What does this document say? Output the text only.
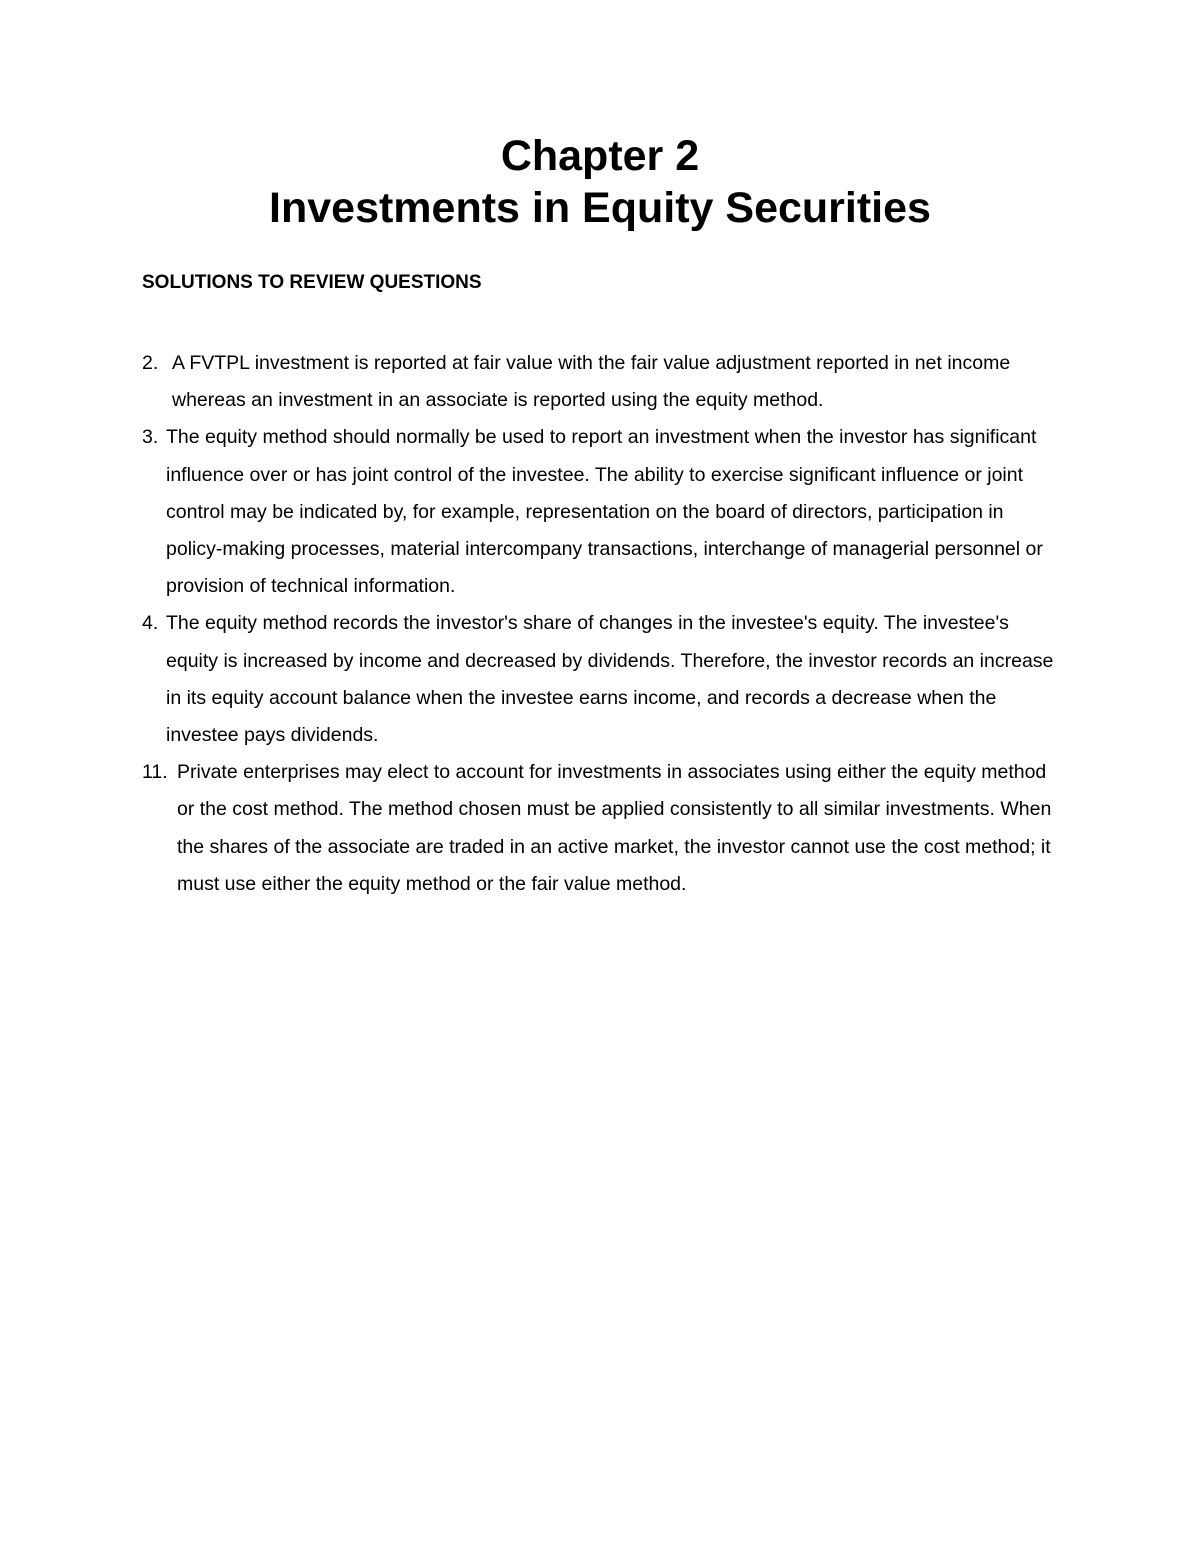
Chapter 2
Investments in Equity Securities
SOLUTIONS TO REVIEW QUESTIONS
2. A FVTPL investment is reported at fair value with the fair value adjustment reported in net income whereas an investment in an associate is reported using the equity method.
3. The equity method should normally be used to report an investment when the investor has significant influence over or has joint control of the investee. The ability to exercise significant influence or joint control may be indicated by, for example, representation on the board of directors, participation in policy-making processes, material intercompany transactions, interchange of managerial personnel or provision of technical information.
4. The equity method records the investor's share of changes in the investee's equity. The investee's equity is increased by income and decreased by dividends. Therefore, the investor records an increase in its equity account balance when the investee earns income, and records a decrease when the investee pays dividends.
11. Private enterprises may elect to account for investments in associates using either the equity method or the cost method. The method chosen must be applied consistently to all similar investments. When the shares of the associate are traded in an active market, the investor cannot use the cost method; it must use either the equity method or the fair value method.
